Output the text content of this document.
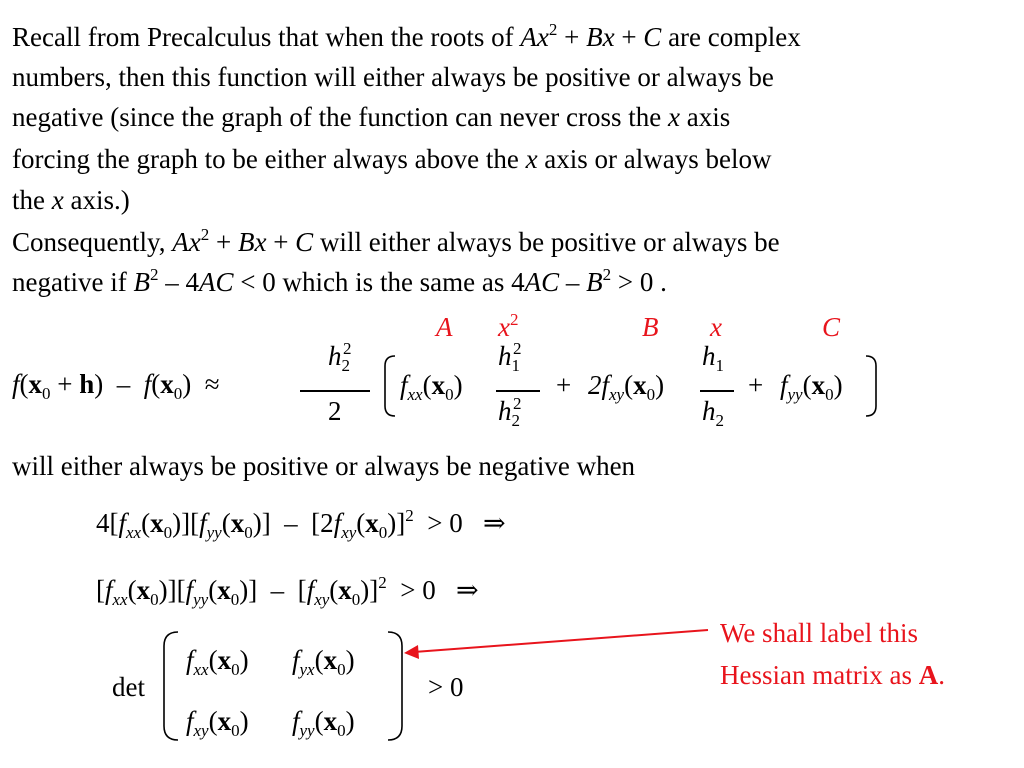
Recall from Precalculus that when the roots of $Ax^2 + Bx + C$ are complex
numbers, then this function will either always be positive or always be
negative (since the graph of the function can never cross the x axis
forcing the graph to be either always above the x axis or always below
the x axis.)
Consequently, $Ax^2 + Bx + C$ will either always be positive or always be
negative if $B^2 - 4AC < 0$ which is the same as $4AC - B^2 > 0$ .
A $x^2$	B x	C
$f(x_0 + h) - f(x_0)$  ≈
$h_2^2$
2
$f_{xx}(x_0)$
$h_1^2$
$h_2^2$
+ $2f_{xy}(x_0)$
$h_1$
$h_2$
+ $f_{yy}(x_0)$
will either always be positive or always be negative when
$4[f_{xx}(x_0)][f_{yy}(x_0)] - [2f_{xy}(x_0)]^2 > 0$ ⇒
$[f_{xx}(x_0)][f_{yy}(x_0)] - [f_{xy}(x_0)]^2 > 0$ ⇒
det
$f_{xx}(x_0)$ $f_{yx}(x_0)$
$f_{xy}(x_0)$ $f_{yy}(x_0)$
> 0
We shall label this
Hessian matrix as A.
